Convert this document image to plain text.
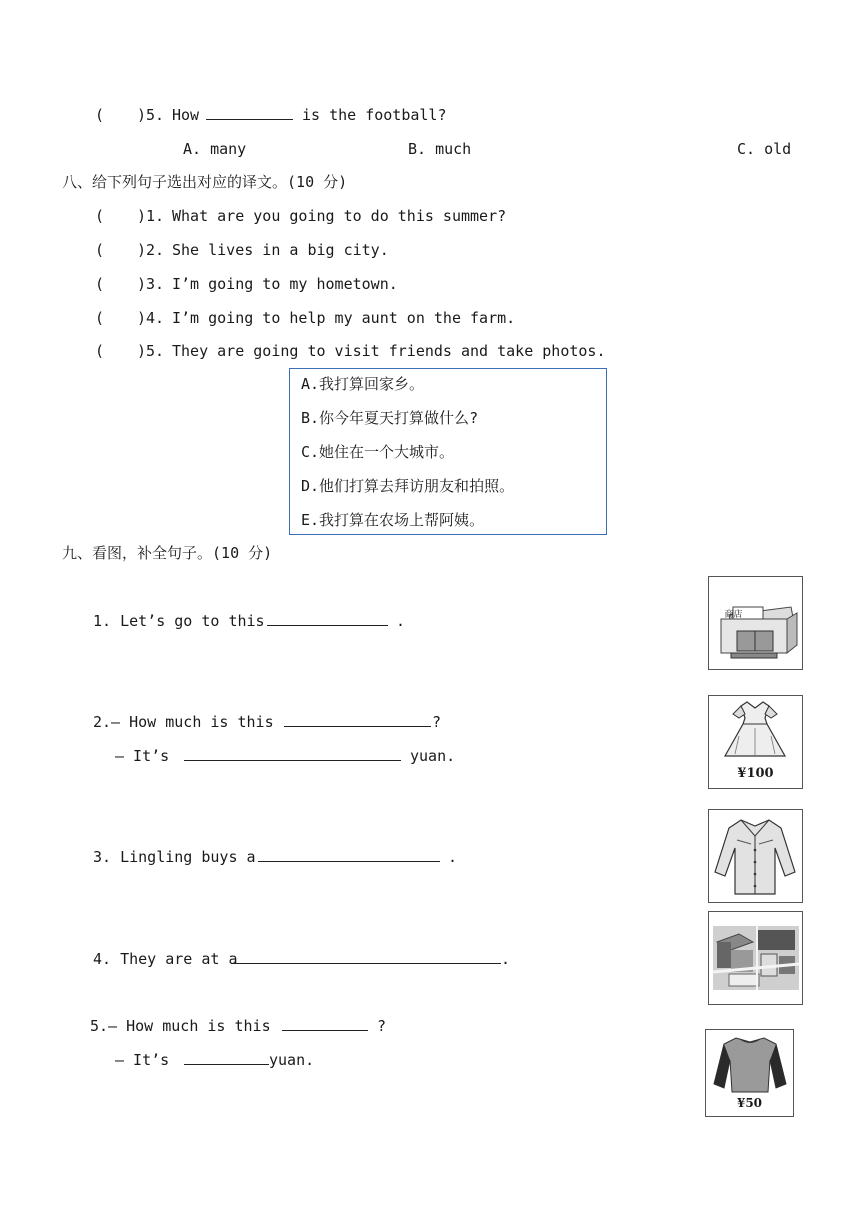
( )5. How	is the football?
A. many	B. much	C. old
八、给下列句子选出对应的译文。(10 分)
( )1. What are you going to do this summer?
( )2. She lives in a big city.
( )3. I’m going to my hometown.
( )4. I’m going to help my aunt on the farm.
( )5. They are going to visit friends and take photos.
A.我打算回家乡。
B.你今年夏天打算做什么?
C.她住在一个大城市。
D.他们打算去拜访朋友和拍照。
E.我打算在农场上帮阿姨。
九、看图，补全句子。(10 分)
1. Let’s go to this	.
2.— How much is this	?
— It’s	yuan.
3. Lingling buys a	.
4. They are at a	.
5.— How much is this	?
— It’s	yuan.
商店
¥100
¥50
